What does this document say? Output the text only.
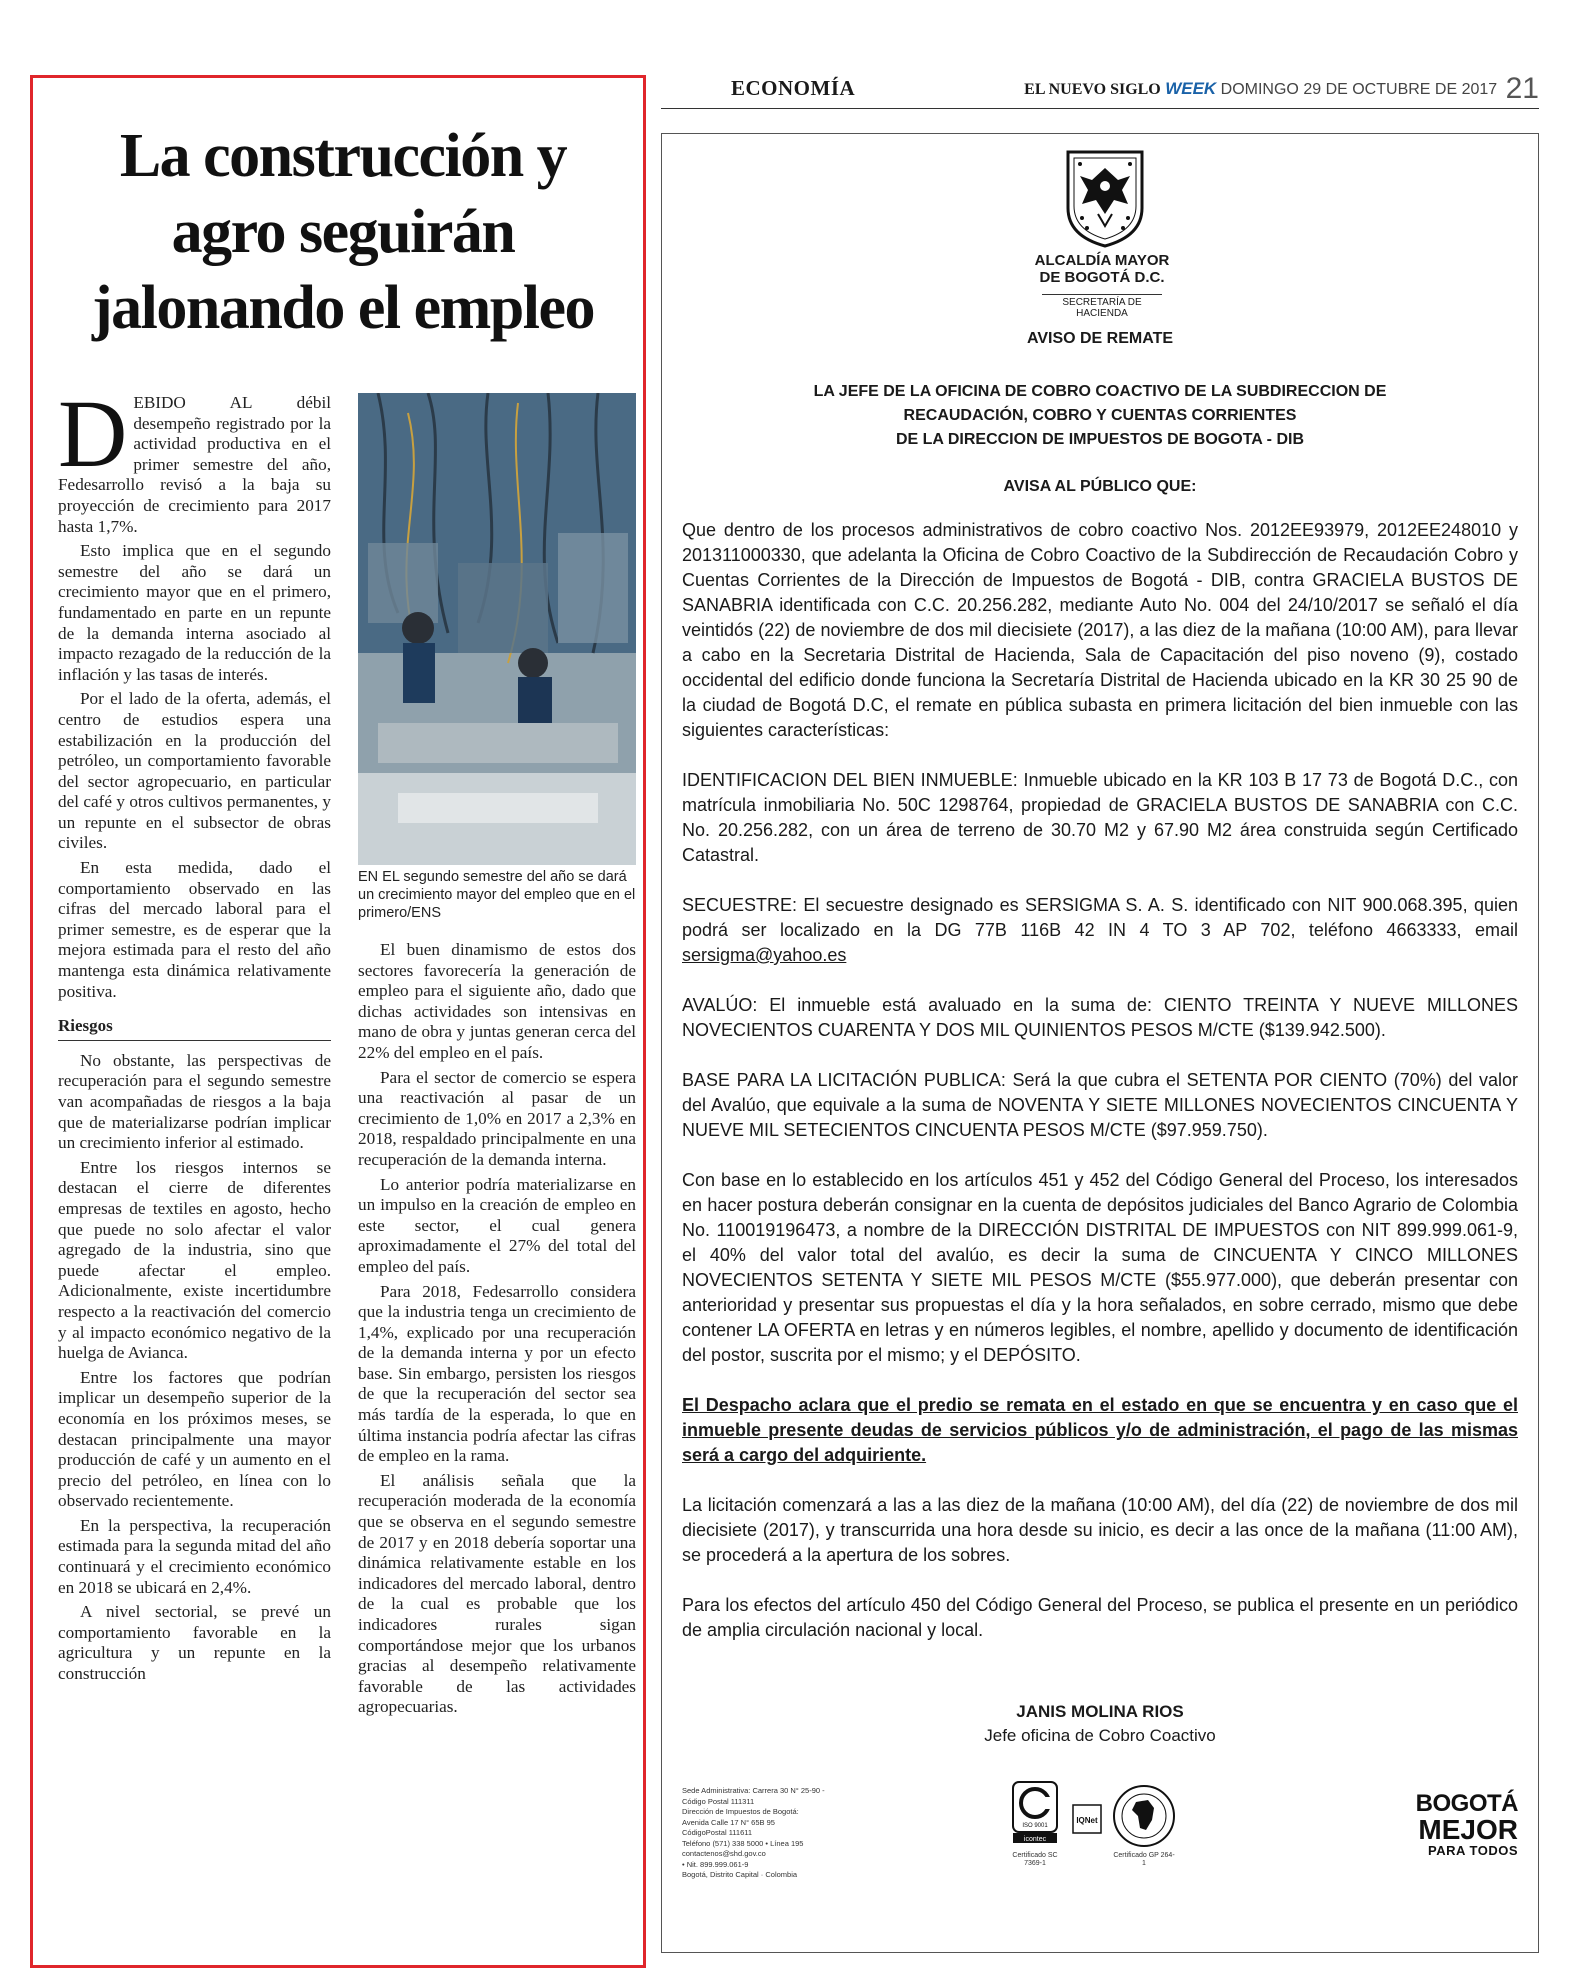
La construcción y agro seguirán jalonando el empleo

DEBIDO AL débil desempeño registrado por la actividad productiva en el primer semestre del año, Fedesarrollo revisó a la baja su proyección de crecimiento para 2017 hasta 1,7%.

Esto implica que en el segundo semestre del año se dará un crecimiento mayor que en el primero, fundamentado en parte en un repunte de la demanda interna asociado al impacto rezagado de la reducción de la inflación y las tasas de interés.

Por el lado de la oferta, además, el centro de estudios espera una estabilización en la producción del petróleo, un comportamiento favorable del sector agropecuario, en particular del café y otros cultivos permanentes, y un repunte en el subsector de obras civiles.

En esta medida, dado el comportamiento observado en las cifras del mercado laboral para el primer semestre, es de esperar que la mejora estimada para el resto del año mantenga esta dinámica relativamente positiva.

Riesgos

No obstante, las perspectivas de recuperación para el segundo semestre van acompañadas de riesgos a la baja que de materializarse podrían implicar un crecimiento inferior al estimado.

Entre los riesgos internos se destacan el cierre de diferentes empresas de textiles en agosto, hecho que puede no solo afectar el valor agregado de la industria, sino que puede afectar el empleo. Adicionalmente, existe incertidumbre respecto a la reactivación del comercio y al impacto económico negativo de la huelga de Avianca.

Entre los factores que podrían implicar un desempeño superior de la economía en los próximos meses, se destacan principalmente una mayor producción de café y un aumento en el precio del petróleo, en línea con lo observado recientemente.

En la perspectiva, la recuperación estimada para la segunda mitad del año continuará y el crecimiento económico en 2018 se ubicará en 2,4%.

A nivel sectorial, se prevé un comportamiento favorable en la agricultura y un repunte en la construcción

EN EL segundo semestre del año se dará un crecimiento mayor del empleo que en el primero/ENS

El buen dinamismo de estos dos sectores favorecería la generación de empleo para el siguiente año, dado que dichas actividades son intensivas en mano de obra y juntas generan cerca del 22% del empleo en el país.

Para el sector de comercio se espera una reactivación al pasar de un crecimiento de 1,0% en 2017 a 2,3% en 2018, respaldado principalmente en una recuperación de la demanda interna.

Lo anterior podría materializarse en un impulso en la creación de empleo en este sector, el cual genera aproximadamente el 27% del total del empleo del país.

Para 2018, Fedesarrollo considera que la industria tenga un crecimiento de 1,4%, explicado por una recuperación de la demanda interna y por un efecto base. Sin embargo, persisten los riesgos de que la recuperación del sector sea más tardía de la esperada, lo que en última instancia podría afectar las cifras de empleo en la rama.

El análisis señala que la recuperación moderada de la economía que se observa en el segundo semestre de 2017 y en 2018 debería soportar una dinámica relativamente estable en los indicadores del mercado laboral, dentro de la cual es probable que los indicadores rurales sigan comportándose mejor que los urbanos gracias al desempeño relativamente favorable de las actividades agropecuarias.

ECONOMÍA	EL NUEVO SIGLO WEEK DOMINGO 29 DE OCTUBRE DE 2017 21
ALCALDÍA MAYOR
DE BOGOTÁ D.C.
SECRETARÍA DE HACIENDA
AVISO DE REMATE
LA JEFE DE LA OFICINA DE COBRO COACTIVO DE LA SUBDIRECCION DE
RECAUDACIÓN, COBRO Y CUENTAS CORRIENTES
DE LA DIRECCION DE IMPUESTOS DE BOGOTA - DIB
AVISA AL PÚBLICO QUE:

Que dentro de los procesos administrativos de cobro coactivo Nos. 2012EE93979, 2012EE248010 y 201311000330, que adelanta la Oficina de Cobro Coactivo de la Subdirección de Recaudación Cobro y Cuentas Corrientes de la Dirección de Impuestos de Bogotá - DIB, contra GRACIELA BUSTOS DE SANABRIA identificada con C.C. 20.256.282, mediante Auto No. 004 del 24/10/2017 se señaló el día veintidós (22) de noviembre de dos mil diecisiete (2017), a las diez de la mañana (10:00 AM), para llevar a cabo en la Secretaria Distrital de Hacienda, Sala de Capacitación del piso noveno (9), costado occidental del edificio donde funciona la Secretaría Distrital de Hacienda ubicado en la KR 30 25 90 de la ciudad de Bogotá D.C, el remate en pública subasta en primera licitación del bien inmueble con las siguientes características:

IDENTIFICACION DEL BIEN INMUEBLE: Inmueble ubicado en la KR 103 B 17 73 de Bogotá D.C., con matrícula inmobiliaria No. 50C 1298764, propiedad de GRACIELA BUSTOS DE SANABRIA con C.C. No. 20.256.282, con un área de terreno de 30.70 M2 y 67.90 M2 área construida según Certificado Catastral.

SECUESTRE: El secuestre designado es SERSIGMA S. A. S. identificado con NIT 900.068.395, quien podrá ser localizado en la DG 77B 116B 42 IN 4 TO 3 AP 702, teléfono 4663333, email sersigma@yahoo.es

AVALÚO: El inmueble está avaluado en la suma de: CIENTO TREINTA Y NUEVE MILLONES NOVECIENTOS CUARENTA Y DOS MIL QUINIENTOS PESOS M/CTE ($139.942.500).

BASE PARA LA LICITACIÓN PUBLICA: Será la que cubra el SETENTA POR CIENTO (70%) del valor del Avalúo, que equivale a la suma de NOVENTA Y SIETE MILLONES NOVECIENTOS CINCUENTA Y NUEVE MIL SETECIENTOS CINCUENTA PESOS M/CTE ($97.959.750).

Con base en lo establecido en los artículos 451 y 452 del Código General del Proceso, los interesados en hacer postura deberán consignar en la cuenta de depósitos judiciales del Banco Agrario de Colombia No. 110019196473, a nombre de la DIRECCIÓN DISTRITAL DE IMPUESTOS con NIT 899.999.061-9, el 40% del valor total del avalúo, es decir la suma de CINCUENTA Y CINCO MILLONES NOVECIENTOS SETENTA Y SIETE MIL PESOS M/CTE ($55.977.000), que deberán presentar con anterioridad y presentar sus propuestas el día y la hora señalados, en sobre cerrado, mismo que debe contener LA OFERTA en letras y en números legibles, el nombre, apellido y documento de identificación del postor, suscrita por el mismo; y el DEPÓSITO.

El Despacho aclara que el predio se remata en el estado en que se encuentra y en caso que el inmueble presente deudas de servicios públicos y/o de administración, el pago de las mismas será a cargo del adquiriente.

La licitación comenzará a las a las diez de la mañana (10:00 AM), del día (22) de noviembre de dos mil diecisiete (2017), y transcurrida una hora desde su inicio, es decir a las once de la mañana (11:00 AM), se procederá a la apertura de los sobres.

Para los efectos del artículo 450 del Código General del Proceso, se publica el presente en un periódico de amplia circulación nacional y local.

JANIS MOLINA RIOS
Jefe oficina de Cobro Coactivo
Sede Administrativa: Carrera 30 N° 25-90 -
Código Postal 111311
Dirección de Impuestos de Bogotá:
Avenida Calle 17 N° 65B 95
CódigoPostal 111611
Teléfono (571) 338 5000 • Línea 195
contactenos@shd.gov.co
• Nit. 899.999.061-9
Bogotá, Distrito Capital · Colombia
ISO 9001
icontec
Certificado SC 7369-1
IQNet
Certificado GP 264-1
BOGOTÁ
MEJOR
PARA TODOS
